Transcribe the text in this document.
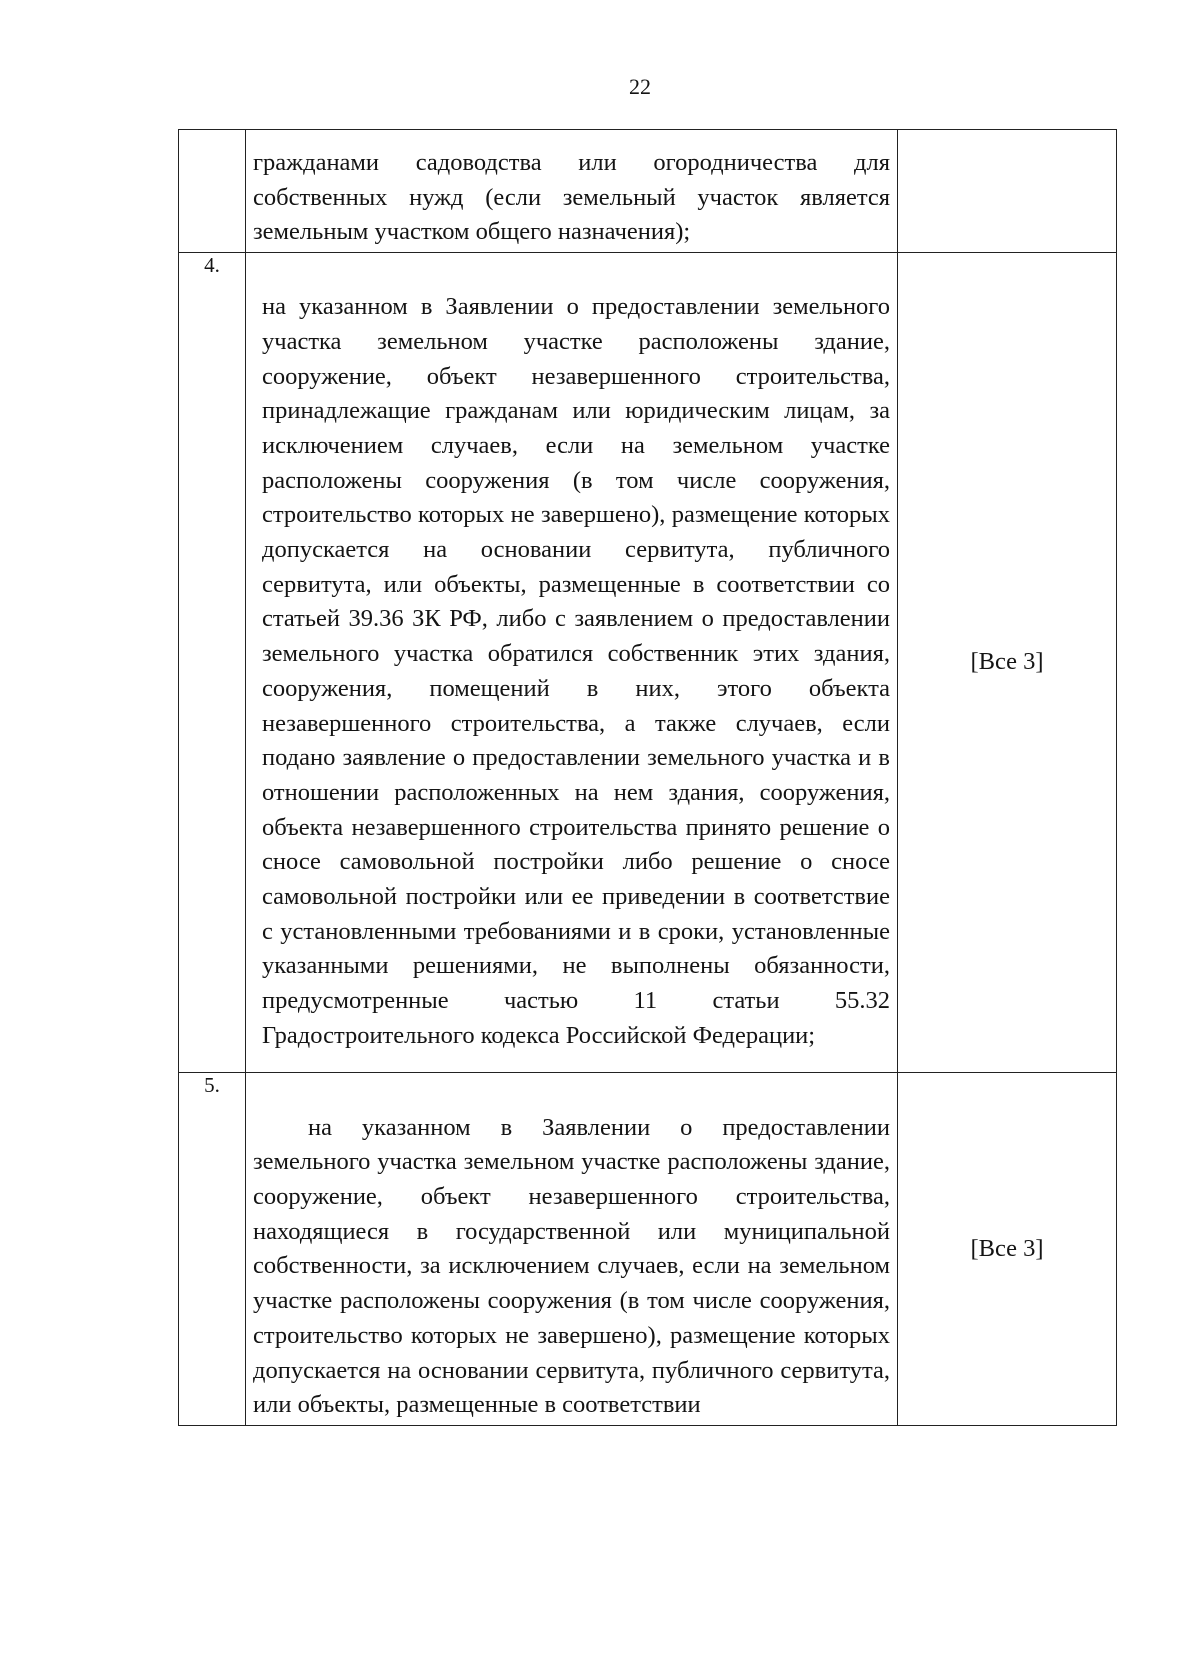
22

	гражданами садоводства или огородничества для собственных нужд (если земельный участок является земельным участком общего назначения);	

4.	на указанном в Заявлении о предоставлении земельного участка земельном участке расположены здание, сооружение, объект незавершенного строительства, принадлежащие гражданам или юридическим лицам, за исключением случаев, если на земельном участке расположены сооружения (в том числе сооружения, строительство которых не завершено), размещение которых допускается на основании сервитута, публичного сервитута, или объекты, размещенные в соответствии со статьей 39.36 ЗК РФ, либо с заявлением о предоставлении земельного участка обратился собственник этих здания, сооружения, помещений в них, этого объекта незавершенного строительства, а также случаев, если подано заявление о предоставлении земельного участка и в отношении расположенных на нем здания, сооружения, объекта незавершенного строительства принято решение о сносе самовольной постройки либо решение о сносе самовольной постройки или ее приведении в соответствие с установленными требованиями и в сроки, установленные указанными решениями, не выполнены обязанности, предусмотренные частью 11 статьи 55.32 Градостроительного кодекса Российской Федерации;	[Все 3]
5.	на указанном в Заявлении о предоставлении земельного участка земельном участке расположены здание, сооружение, объект незавершенного строительства, находящиеся в государственной или муниципальной собственности, за исключением случаев, если на земельном участке расположены сооружения (в том числе сооружения, строительство которых не завершено), размещение которых допускается на основании сервитута, публичного сервитута, или объекты, размещенные в соответствии	[Все 3]
